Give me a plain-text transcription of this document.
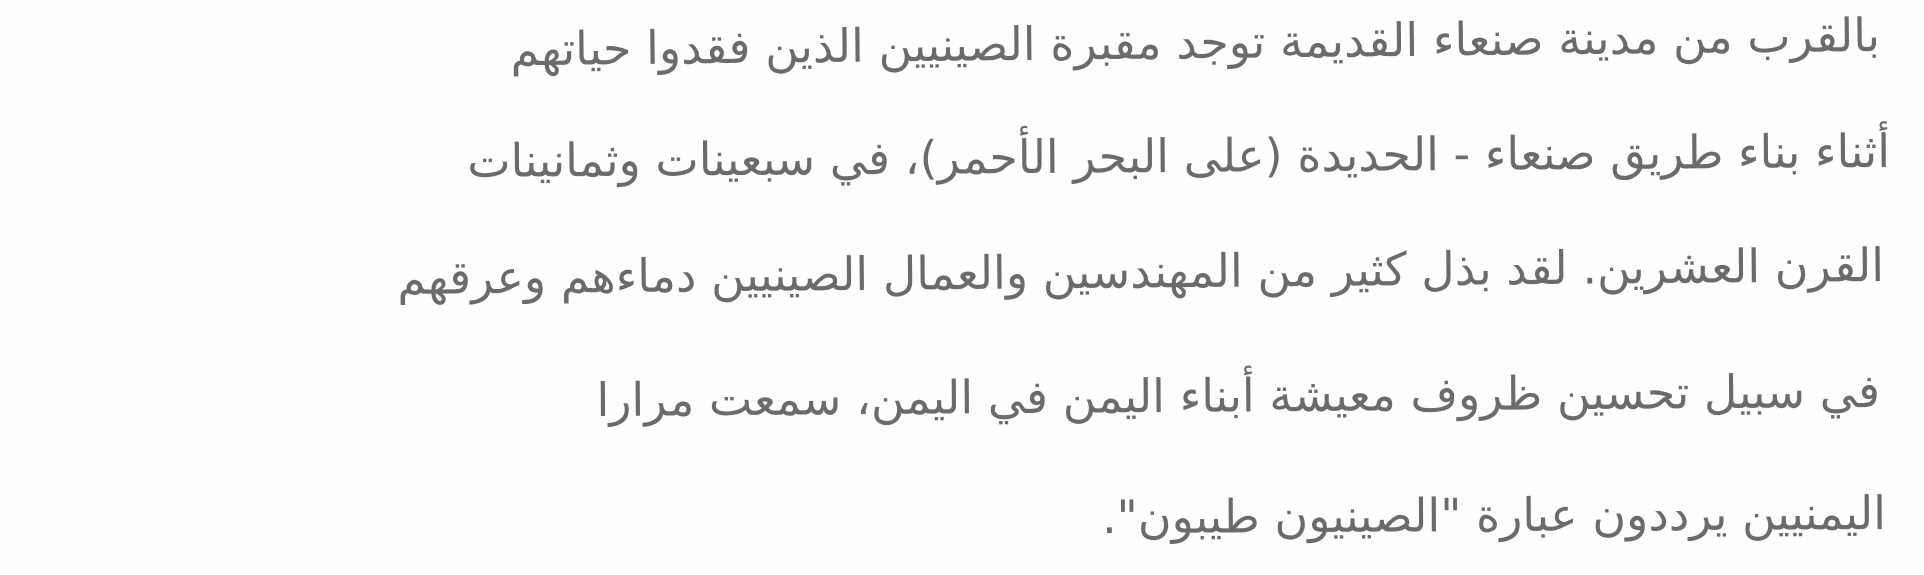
بالقرب من مدينة صنعاء القديمة توجد مقبرة الصينيين الذين فقدوا حياتهم
أثناء بناء طريق صنعاء - الحديدة (على البحر الأحمر)، في سبعينات وثمانينات
القرن العشرين. لقد بذل كثير من المهندسين والعمال الصينيين دماءهم وعرقهم
في سبيل تحسين ظروف معيشة أبناء اليمن في اليمن، سمعت مرارا
اليمنيين يرددون عبارة "الصينيون طيبون".
